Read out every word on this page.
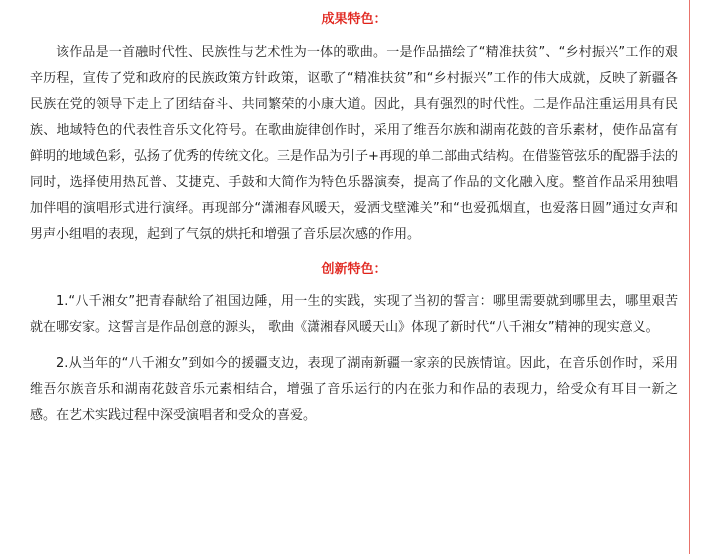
成果特色：

该作品是一首融时代性、民族性与艺术性为一体的歌曲。一是作品描绘了“精准扶贫”、“乡村振兴”工作的艰辛历程，宣传了党和政府的民族政策方针政策，讴歌了“精准扶贫”和“乡村振兴”工作的伟大成就，反映了新疆各民族在党的领导下走上了团结奋斗、共同繁荣的小康大道。因此，具有强烈的时代性。二是作品注重运用具有民族、地域特色的代表性音乐文化符号。在歌曲旋律创作时，采用了维吾尔族和湖南花鼓的音乐素材，使作品富有鲜明的地域色彩，弘扬了优秀的传统文化。三是作品为引子+再现的单二部曲式结构。在借鉴管弦乐的配器手法的同时，选择使用热瓦普、艾捷克、手鼓和大简作为特色乐器演奏，提高了作品的文化融入度。整首作品采用独唱加伴唱的演唱形式进行演绎。再现部分“潇湘春风暖天，爱洒戈壁滩关”和“也爱孤烟直，也爱落日圆”通过女声和男声小组唱的表现，起到了气氛的烘托和增强了音乐层次感的作用。

创新特色：

1.“八千湘女”把青春献给了祖国边陲，用一生的实践，实现了当初的誓言：哪里需要就到哪里去，哪里艰苦就在哪安家。这誓言是作品创意的源头， 歌曲《潇湘春风暖天山》体现了新时代“八千湘女”精神的现实意义。

2.从当年的“八千湘女”到如今的援疆支边，表现了湖南新疆一家亲的民族情谊。因此，在音乐创作时，采用维吾尔族音乐和湖南花鼓音乐元素相结合，增强了音乐运行的内在张力和作品的表现力，给受众有耳目一新之感。在艺术实践过程中深受演唱者和受众的喜爱。
